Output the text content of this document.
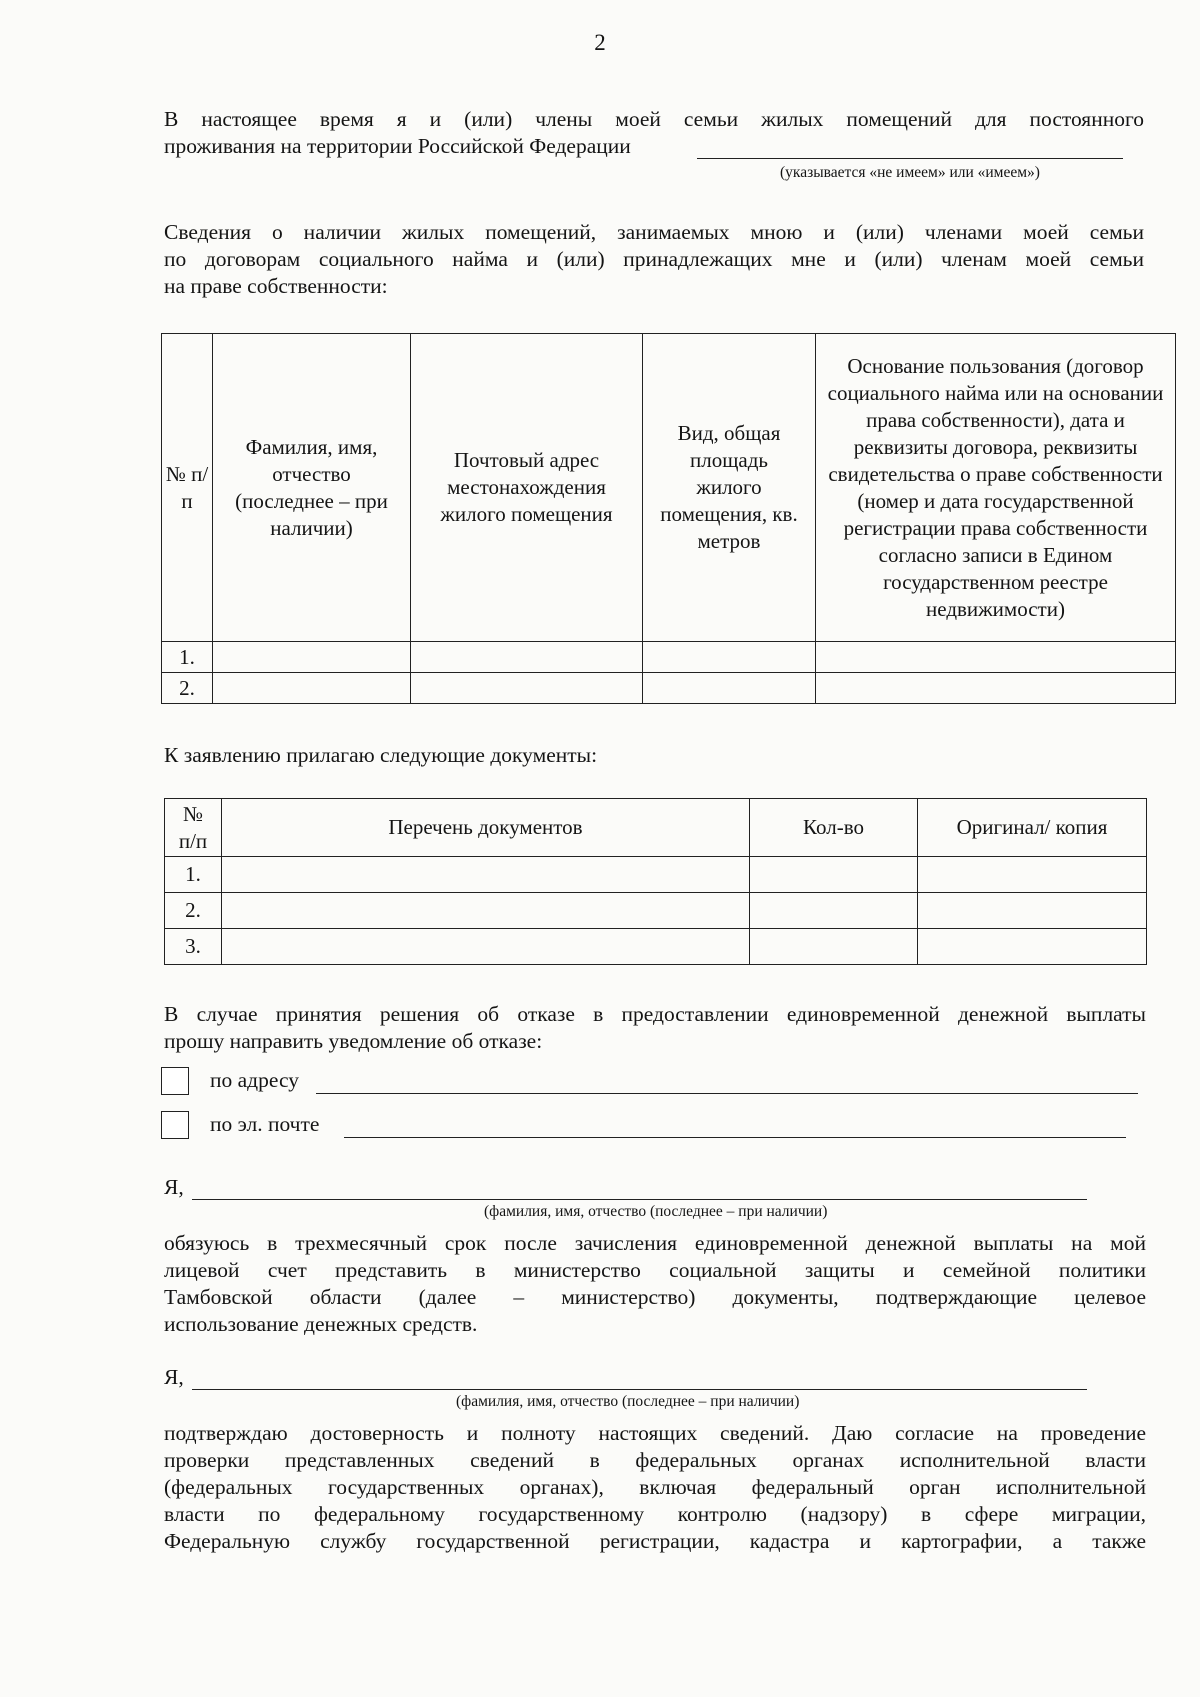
2
В настоящее время я и (или) члены моей семьи жилых помещений для постоянного
проживания на территории Российской Федерации
(указывается «не имеем» или «имеем»)
Сведения о наличии жилых помещений, занимаемых мною и (или) членами моей семьи
по договорам социального найма и (или) принадлежащих мне и (или) членам моей семьи
на праве собственности:
№ п/п	Фамилия, имя, отчество (последнее – при наличии)	Почтовый адрес местонахождения жилого помещения	Вид, общая площадь жилого помещения, кв. метров	Основание пользования (договор социального найма или на основании права собственности), дата и реквизиты договора, реквизиты свидетельства о праве собственности (номер и дата государственной регистрации права собственности согласно записи в Едином государственном реестре недвижимости)
1.				
2.				
К заявлению прилагаю следующие документы:
№ п/п	Перечень документов	Кол-во	Оригинал/ копия
1.			
2.			
3.			
В случае принятия решения об отказе в предоставлении единовременной денежной выплаты
прошу направить уведомление об отказе:
по адресу
по эл. почте
Я,
(фамилия, имя, отчество (последнее – при наличии)
обязуюсь в трехмесячный срок после зачисления единовременной денежной выплаты на мой
лицевой счет представить в министерство социальной защиты и семейной политики
Тамбовской области (далее – министерство) документы, подтверждающие целевое
использование денежных средств.
Я,
(фамилия, имя, отчество (последнее – при наличии)
подтверждаю достоверность и полноту настоящих сведений. Даю согласие на проведение
проверки представленных сведений в федеральных органах исполнительной власти
(федеральных государственных органах), включая федеральный орган исполнительной
власти по федеральному государственному контролю (надзору) в сфере миграции,
Федеральную службу государственной регистрации, кадастра и картографии, а также
